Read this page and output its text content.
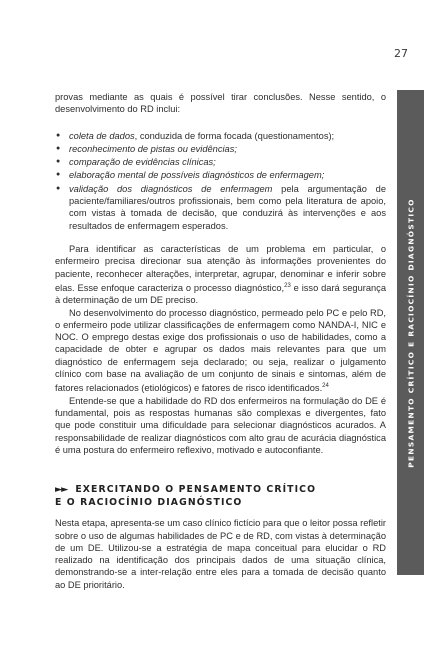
27
PENSAMENTO CRÍTICO E RACIOCÍNIO DIAGNÓSTICO

provas mediante as quais é possível tirar conclusões. Nesse sentido, o desenvolvimento do RD inclui:

● coleta de dados, conduzida de forma focada (questionamentos);
● reconhecimento de pistas ou evidências;
● comparação de evidências clínicas;
● elaboração mental de possíveis diagnósticos de enfermagem;
● validação dos diagnósticos de enfermagem pela argumentação de paciente/familiares/outros profissionais, bem como pela literatura de apoio, com vistas à tomada de decisão, que conduzirá às intervenções e aos resultados de enfermagem esperados.

Para identificar as características de um problema em particular, o enfermeiro precisa direcionar sua atenção às informações provenientes do paciente, reconhecer alterações, interpretar, agrupar, denominar e inferir sobre elas. Esse enfoque caracteriza o processo diagnóstico,$^{23}$ e isso dará segurança à determinação de um DE preciso.

No desenvolvimento do processo diagnóstico, permeado pelo PC e pelo RD, o enfermeiro pode utilizar classificações de enfermagem como NANDA-I, NIC e NOC. O emprego destas exige dos profissionais o uso de habilidades, como a capacidade de obter e agrupar os dados mais relevantes para que um diagnóstico de enfermagem seja declarado; ou seja, realizar o julgamento clínico com base na avaliação de um conjunto de sinais e sintomas, além de fatores relacionados (etiológicos) e fatores de risco identificados.$^{24}$

Entende-se que a habilidade do RD dos enfermeiros na formulação do DE é fundamental, pois as respostas humanas são complexas e divergentes, fato que pode constituir uma dificuldade para selecionar diagnósticos acurados. A responsabilidade de realizar diagnósticos com alto grau de acurácia diagnóstica é uma postura do enfermeiro reflexivo, motivado e autoconfiante.

►► EXERCITANDO O PENSAMENTO CRÍTICO
E O RACIOCÍNIO DIAGNÓSTICO

Nesta etapa, apresenta-se um caso clínico fictício para que o leitor possa refletir sobre o uso de algumas habilidades de PC e de RD, com vistas à determinação de um DE. Utilizou-se a estratégia de mapa conceitual para elucidar o RD realizado na identificação dos principais dados de uma situação clínica, demonstrando-se a inter-relação entre eles para a tomada de decisão quanto ao DE prioritário.
